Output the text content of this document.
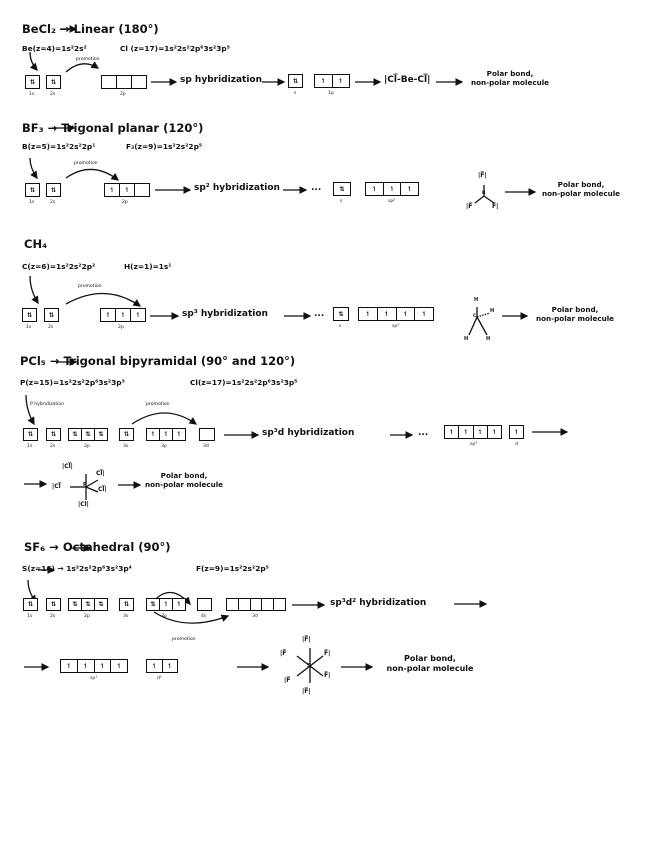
BeCl₂ → Linear (180°)
Be(z=4)=1s²2s²	Cl (z=17)=1s²2s²2p⁶3s²3p⁵
promotion
⇅	⇅
1s	2s	2p
sp hybridization	⇅	↿	↿
s	1p
|Cl̅-Be-Cl̅|
Polar bond,
non-polar molecule
BF₃ → Trigonal planar (120°)
B(z=5)=1s²2s²2p¹	F₃(z=9)=1s²2s²2p⁵
promotion
⇅	⇅	↿	↿
1s	2s	2p
sp² hybridization	...	⇅	↿	↿	↿
s	sp²
|F̅|
B
|F̅	F̅|
Polar bond,
non-polar molecule
CH₄
C(z=6)=1s²2s²2p²	H(z=1)=1s¹
promotion
⇅	⇅	↿	↿	↿
1s	2s	2p
sp³ hybridization	...	⇅	↿	↿	↿	↿
s	sp³
H
C
H
H	H
Polar bond,
non-polar molecule
PCl₅ → Trigonal bipyramidal (90° and 120°)
P(z=15)=1s²2s²2p⁶3s²3p³	Cl(z=17)=1s²2s²2p⁶3s²3p⁵
P hybridization	promotion
⇅	⇅	⇅	⇅	⇅	⇅	↿	↿	↿
1s	2s	2p	3s	3p	3d
sp³d hybridization	...	↿	↿	↿	↿	↿
sp³	d
|Cl̅|
Cl̅|
|Cl̅	P
Cl̅|
|Cl|
Polar bond,
non-polar molecule
SF₆ → Octahedral (90°)
S(z=16) → 1s²2s²2p⁶3s²3p⁴	F(z=9)=1s²2s²2p⁵
⇅	⇅	⇅	⇅	⇅	⇅	⇅	↿	↿
1s	2s	2p	3s	3p	4s	3d
promotion
sp³d² hybridization
↿	↿	↿	↿	↿	↿
sp³	d²
|F̅|
|F̅	F̅|
S
|F̅
F̅|
|F̅|
Polar bond,
non-polar molecule
